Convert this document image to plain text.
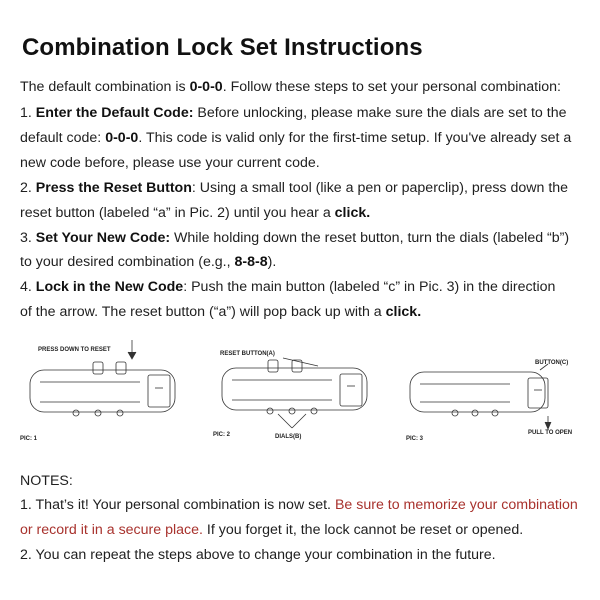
Combination Lock Set Instructions
The default combination is 0-0-0. Follow these steps to set your personal combination:
1. Enter the Default Code: Before unlocking, please make sure the dials are set to the
default code: 0-0-0. This code is valid only for the first-time setup. If you've already set a
new code before, please use your current code.
2. Press the Reset Button: Using a small tool (like a pen or paperclip), press down the
reset button (labeled “a” in Pic. 2) until you hear a click.
3. Set Your New Code: While holding down the reset button, turn the dials (labeled “b”)
to your desired combination (e.g., 8-8-8).
4. Lock in the New Code: Push the main button (labeled “c” in Pic. 3) in the direction
of the arrow. The reset button (“a”) will pop back up with a click.
PRESS DOWN TO RESET
PIC: 1
RESET BUTTON(A)
DIALS(B)
PIC: 2
BUTTON(C)
PULL TO OPEN
PIC: 3
NOTES:
1. That’s it! Your personal combination is now set. Be sure to memorize your combination
or record it in a secure place. If you forget it, the lock cannot be reset or opened.
2. You can repeat the steps above to change your combination in the future.
